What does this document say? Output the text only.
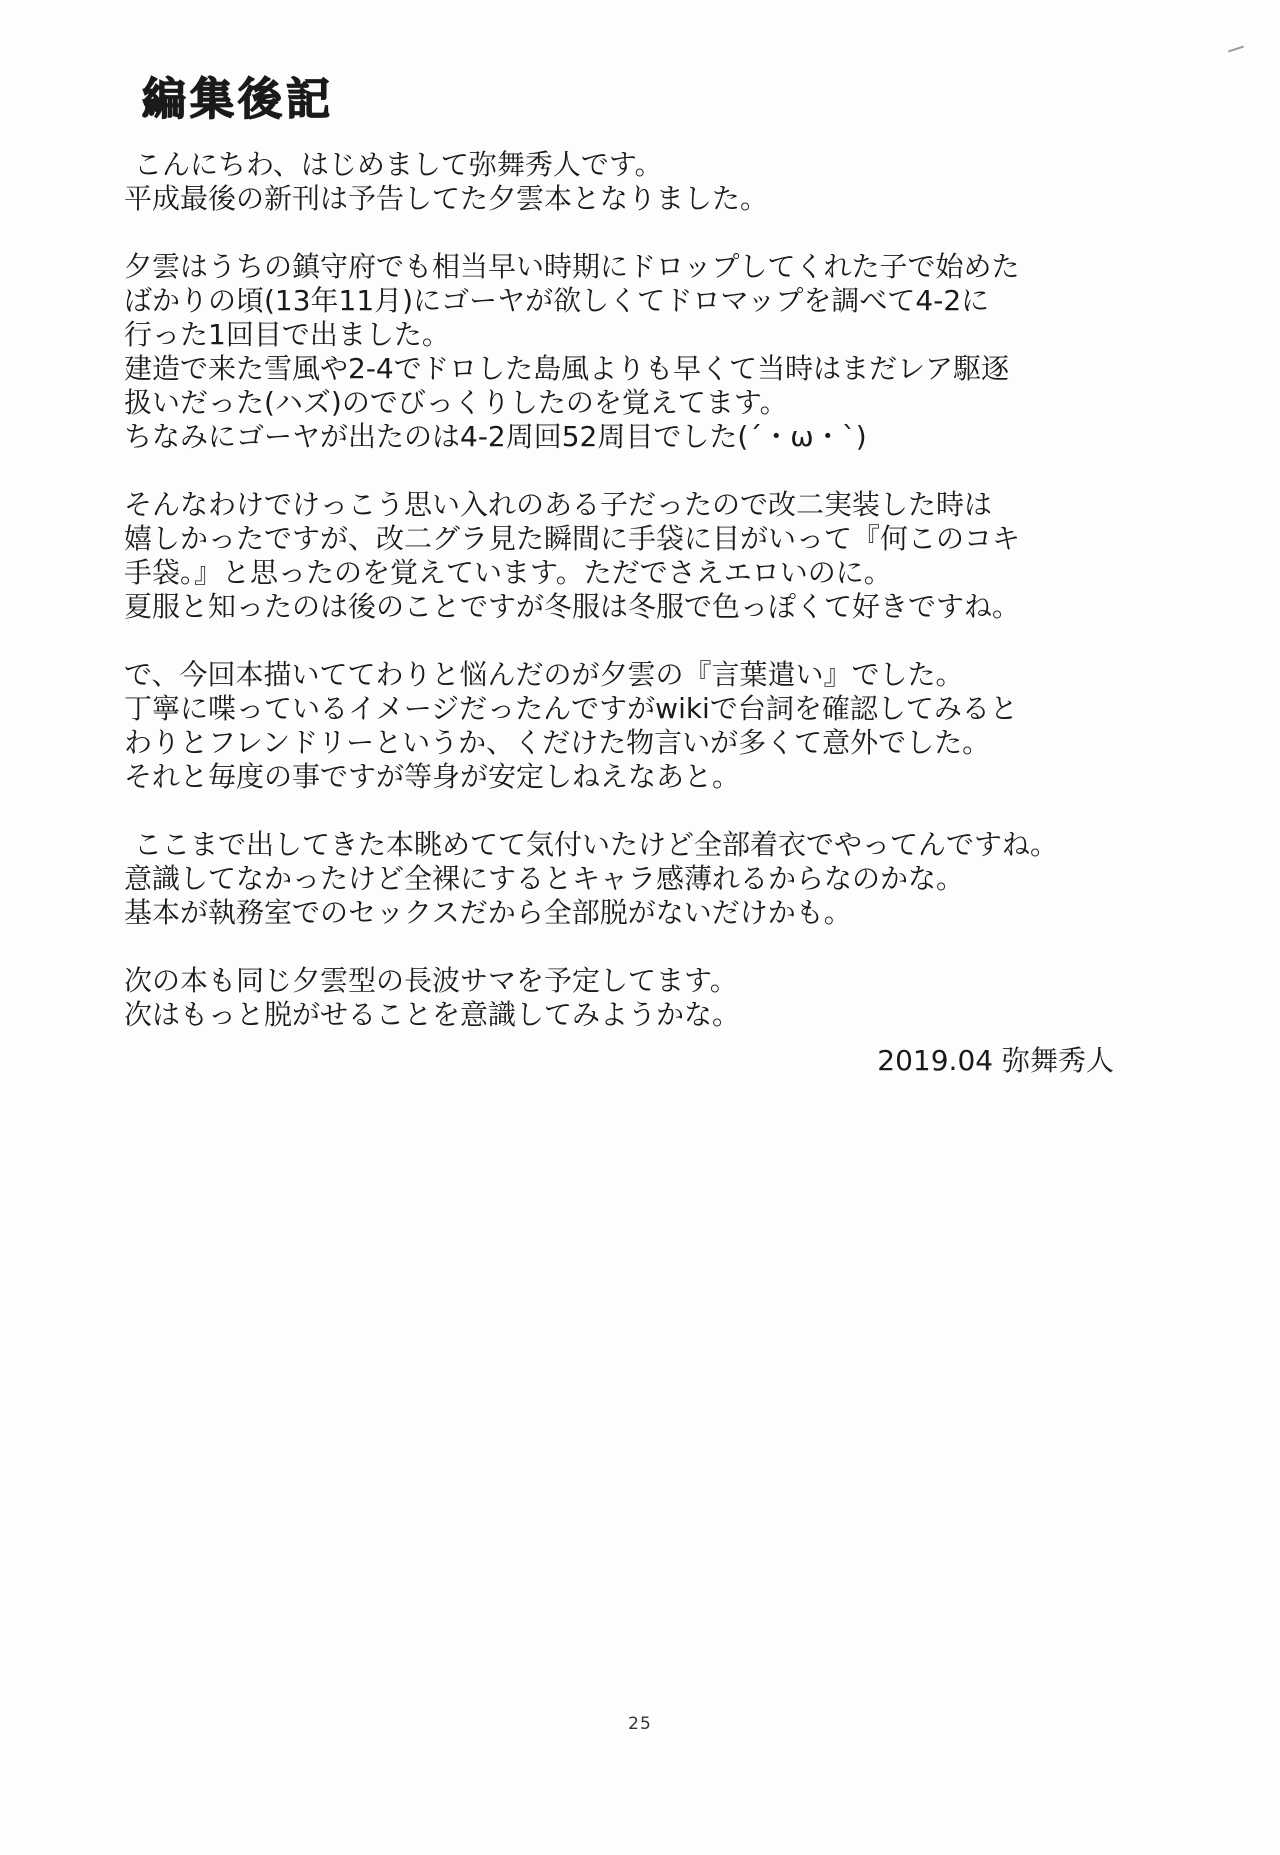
編集後記

こんにちわ、はじめまして弥舞秀人です。
平成最後の新刊は予告してた夕雲本となりました。

夕雲はうちの鎮守府でも相当早い時期にドロップしてくれた子で始めた
ばかりの頃(13年11月)にゴーヤが欲しくてドロマップを調べて4-2に
行った1回目で出ました。
建造で来た雪風や2-4でドロした島風よりも早くて当時はまだレア駆逐
扱いだった(ハズ)のでびっくりしたのを覚えてます。
ちなみにゴーヤが出たのは4-2周回52周目でした(´・ω・`)

そんなわけでけっこう思い入れのある子だったので改二実装した時は
嬉しかったですが、改二グラ見た瞬間に手袋に目がいって『何このコキ
手袋。』と思ったのを覚えています。ただでさえエロいのに。
夏服と知ったのは後のことですが冬服は冬服で色っぽくて好きですね。

で、今回本描いててわりと悩んだのが夕雲の『言葉遣い』でした。
丁寧に喋っているイメージだったんですがwikiで台詞を確認してみると
わりとフレンドリーというか、くだけた物言いが多くて意外でした。
それと毎度の事ですが等身が安定しねえなあと。

ここまで出してきた本眺めてて気付いたけど全部着衣でやってんですね。
意識してなかったけど全裸にするとキャラ感薄れるからなのかな。
基本が執務室でのセックスだから全部脱がないだけかも。

次の本も同じ夕雲型の長波サマを予定してます。
次はもっと脱がせることを意識してみようかな。

2019.04 弥舞秀人
25
